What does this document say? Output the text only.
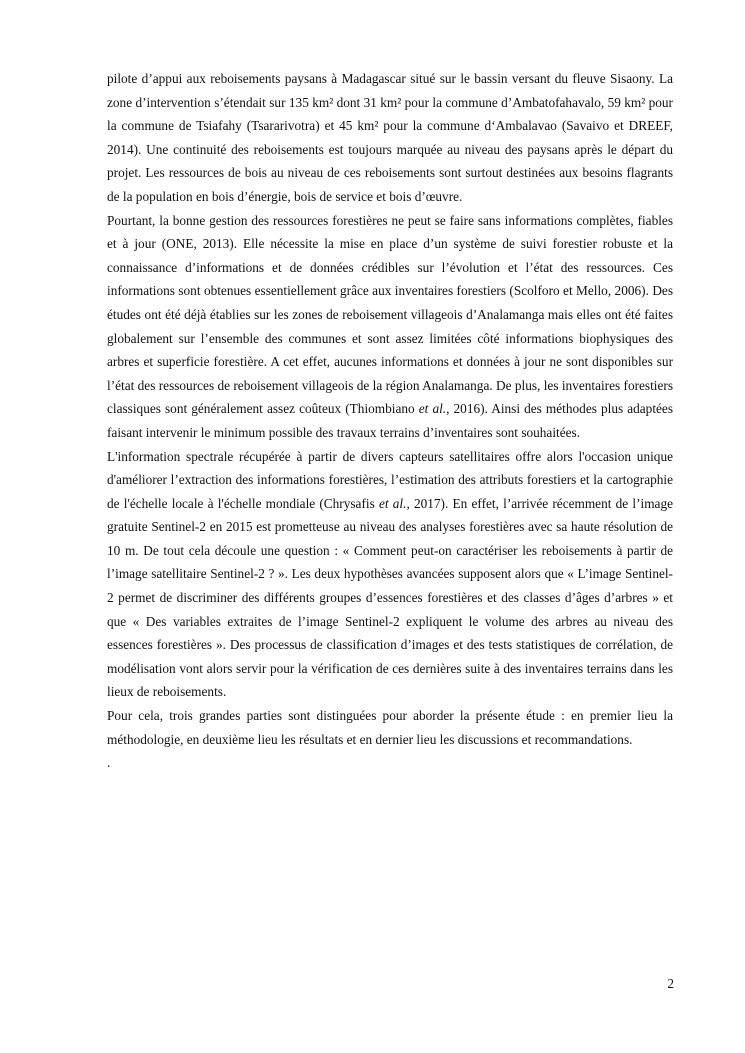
pilote d’appui aux reboisements paysans à Madagascar situé sur le bassin versant du fleuve Sisaony. La zone d’intervention s’étendait sur 135 km² dont 31 km² pour la commune d’Ambatofahavalo, 59 km² pour la commune de Tsiafahy (Tsararivotra) et 45 km² pour la commune d‘Ambalavao (Savaivo et DREEF, 2014). Une continuité des reboisements est toujours marquée au niveau des paysans après le départ du projet. Les ressources de bois au niveau de ces reboisements sont surtout destinées aux besoins flagrants de la population en bois d’énergie, bois de service et bois d’œuvre.

Pourtant, la bonne gestion des ressources forestières ne peut se faire sans informations complètes, fiables et à jour (ONE, 2013). Elle nécessite la mise en place d’un système de suivi forestier robuste et la connaissance d’informations et de données crédibles sur l’évolution et l’état des ressources. Ces informations sont obtenues essentiellement grâce aux inventaires forestiers (Scolforo et Mello, 2006). Des études ont été déjà établies sur les zones de reboisement villageois d’Analamanga mais elles ont été faites globalement sur l’ensemble des communes et sont assez limitées côté informations biophysiques des arbres et superficie forestière. A cet effet, aucunes informations et données à jour ne sont disponibles sur l’état des ressources de reboisement villageois de la région Analamanga. De plus, les inventaires forestiers classiques sont généralement assez coûteux (Thiombiano et al., 2016). Ainsi des méthodes plus adaptées faisant intervenir le minimum possible des travaux terrains d’inventaires sont souhaitées.

L'information spectrale récupérée à partir de divers capteurs satellitaires offre alors l'occasion unique d'améliorer l’extraction des informations forestières, l’estimation des attributs forestiers et la cartographie de l'échelle locale à l'échelle mondiale (Chrysafis et al., 2017). En effet, l’arrivée récemment de l’image gratuite Sentinel-2 en 2015 est prometteuse au niveau des analyses forestières avec sa haute résolution de 10 m. De tout cela découle une question : « Comment peut-on caractériser les reboisements à partir de l’image satellitaire Sentinel-2 ? ». Les deux hypothèses avancées supposent alors que « L’image Sentinel-2 permet de discriminer des différents groupes d’essences forestières et des classes d’âges d’arbres » et que « Des variables extraites de l’image Sentinel-2 expliquent le volume des arbres au niveau des essences forestières ». Des processus de classification d’images et des tests statistiques de corrélation, de modélisation vont alors servir pour la vérification de ces dernières suite à des inventaires terrains dans les lieux de reboisements.

Pour cela, trois grandes parties sont distinguées pour aborder la présente étude : en premier lieu la méthodologie, en deuxième lieu les résultats et en dernier lieu les discussions et recommandations.

.

2
